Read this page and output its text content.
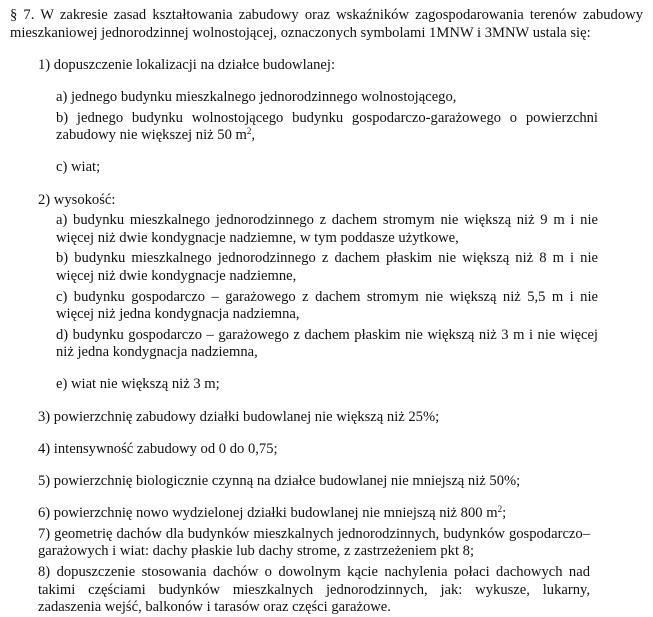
§ 7. W zakresie zasad kształtowania zabudowy oraz wskaźników zagospodarowania terenów zabudowy mieszkaniowej jednorodzinnej wolnostojącej, oznaczonych symbolami 1MNW i 3MNW ustala się:

1) dopuszczenie lokalizacji na działce budowlanej:

a) jednego budynku mieszkalnego jednorodzinnego wolnostojącego,

b) jednego budynku wolnostojącego budynku gospodarczo-garażowego o powierzchni zabudowy nie większej niż 50 $m^2$,

c) wiat;

2) wysokość:

a) budynku mieszkalnego jednorodzinnego z dachem stromym nie większą niż 9 m i nie więcej niż dwie kondygnacje nadziemne, w tym poddasze użytkowe,

b) budynku mieszkalnego jednorodzinnego z dachem płaskim nie większą niż 8 m i nie więcej niż dwie kondygnacje nadziemne,

c) budynku gospodarczo – garażowego z dachem stromym nie większą niż 5,5 m i nie więcej niż jedna kondygnacja nadziemna,

d) budynku gospodarczo – garażowego z dachem płaskim nie większą niż 3 m i nie więcej niż jedna kondygnacja nadziemna,

e) wiat nie większą niż 3 m;

3) powierzchnię zabudowy działki budowlanej nie większą niż 25%;

4) intensywność zabudowy od 0 do 0,75;

5) powierzchnię biologicznie czynną na działce budowlanej nie mniejszą niż 50%;

6) powierzchnię nowo wydzielonej działki budowlanej nie mniejszą niż 800 $m^2$;

7) geometrię dachów dla budynków mieszkalnych jednorodzinnych, budynków gospodarczo–garażowych i wiat: dachy płaskie lub dachy strome, z zastrzeżeniem pkt 8;

8) dopuszczenie stosowania dachów o dowolnym kącie nachylenia połaci dachowych nad takimi częściami budynków mieszkalnych jednorodzinnych, jak: wykusze, lukarny, zadaszenia wejść, balkonów i tarasów oraz części garażowe.
